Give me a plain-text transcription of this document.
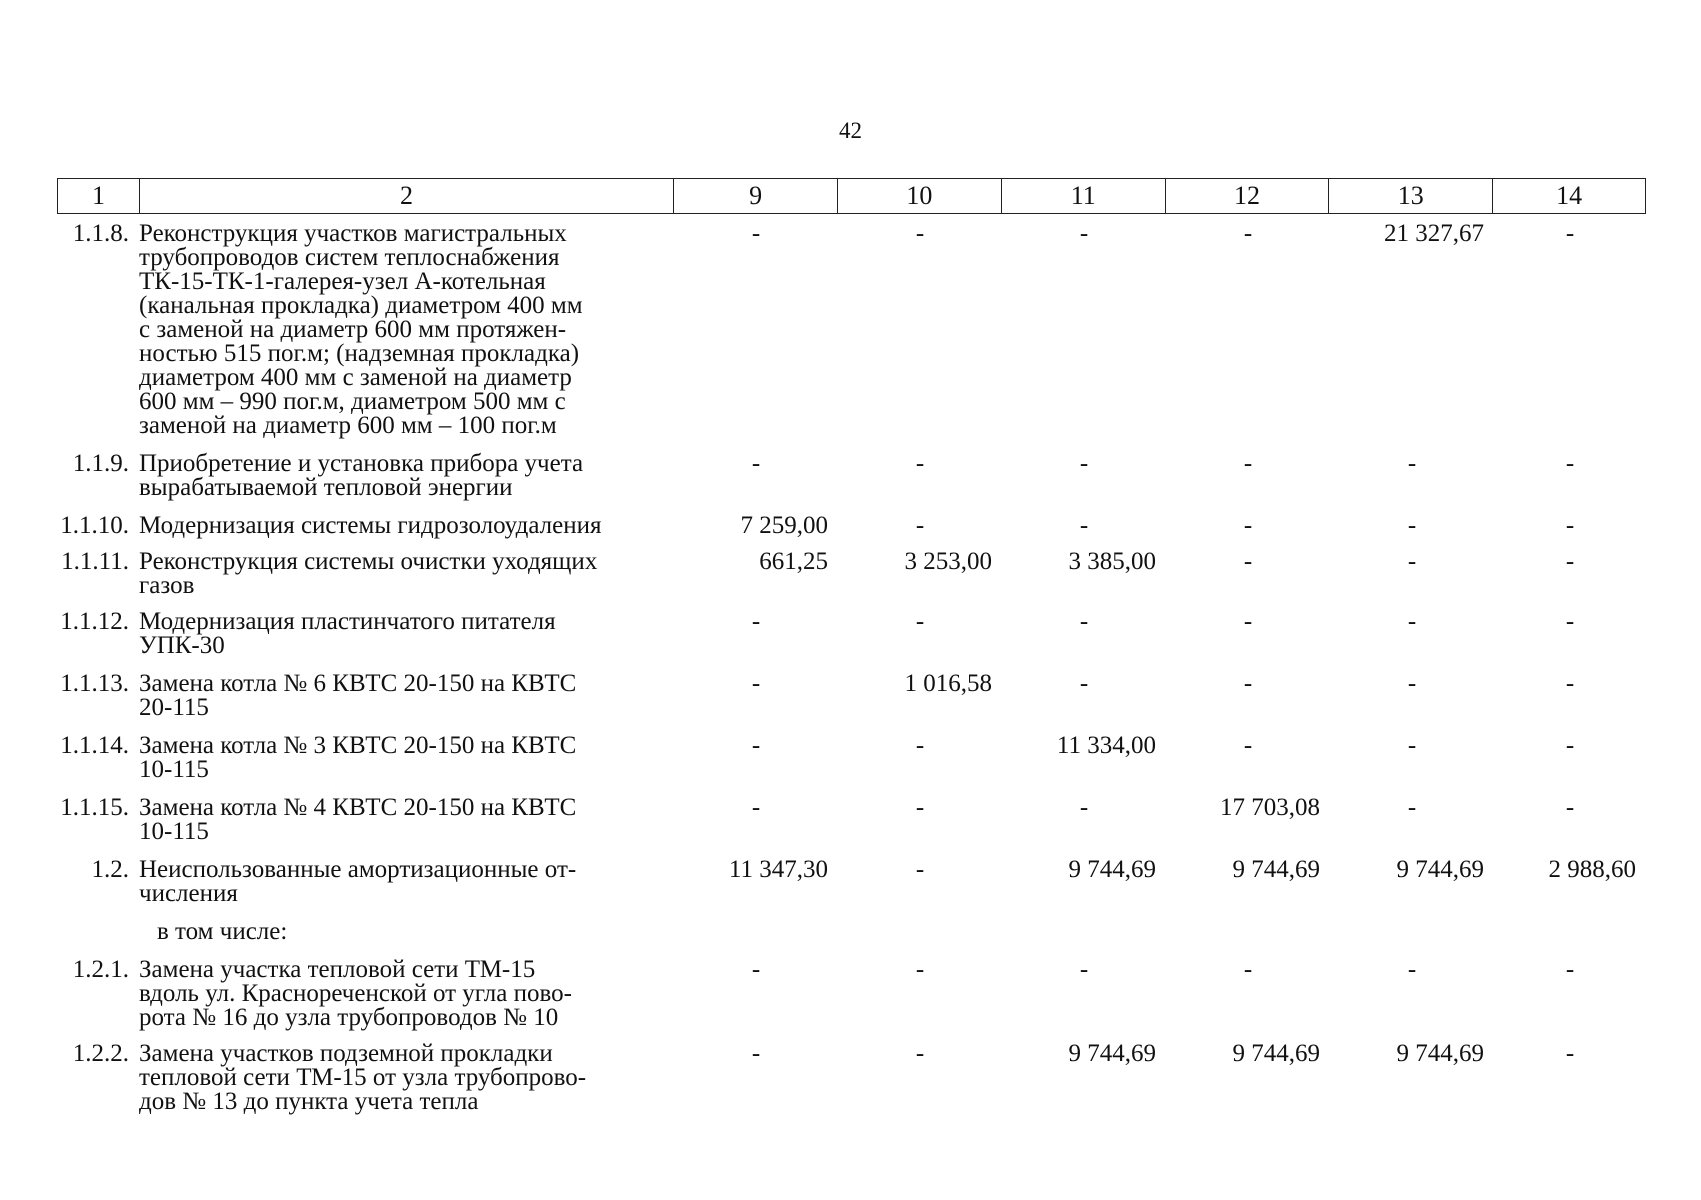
42
1	2	9	10	11	12	13	14
1.1.8. Реконструкция участков магистральных
трубопроводов систем теплоснабжения
ТК-15-ТК-1-галерея-узел А-котельная
(канальная прокладка) диаметром 400 мм
с заменой на диаметр 600 мм протяжен-
ностью 515 пог.м; (надземная прокладка)
диаметром 400 мм с заменой на диаметр
600 мм – 990 пог.м, диаметром 500 мм с
заменой на диаметр 600 мм – 100 пог.м
-	-	-	-	21 327,67	-
1.1.9. Приобретение и установка прибора учета
вырабатываемой тепловой энергии
-	-	-	-	-	-
1.1.10. Модернизация системы гидрозолоудаления	7 259,00	-	-	-	-	-
1.1.11. Реконструкция системы очистки уходящих
газов
661,25	3 253,00	3 385,00	-	-	-
1.1.12. Модернизация пластинчатого питателя
УПК-30
-	-	-	-	-	-
1.1.13. Замена котла № 6 КВТС 20-150 на КВТС
20-115
-	1 016,58	-	-	-	-
1.1.14. Замена котла № 3 КВТС 20-150 на КВТС
10-115
-	-	11 334,00	-	-	-
1.1.15. Замена котла № 4 КВТС 20-150 на КВТС
10-115
-	-	-	17 703,08	-	-
1.2. Неиспользованные амортизационные от-
числения
11 347,30	-	9 744,69	9 744,69	9 744,69	2 988,60
в том числе:
1.2.1. Замена участка тепловой сети ТМ-15
вдоль ул. Краснореченской от угла пово-
рота № 16 до узла трубопроводов № 10
-	-	-	-	-	-
1.2.2. Замена участков подземной прокладки
тепловой сети ТМ-15 от узла трубопрово-
дов № 13 до пункта учета тепла
-	-	9 744,69	9 744,69	9 744,69	-
